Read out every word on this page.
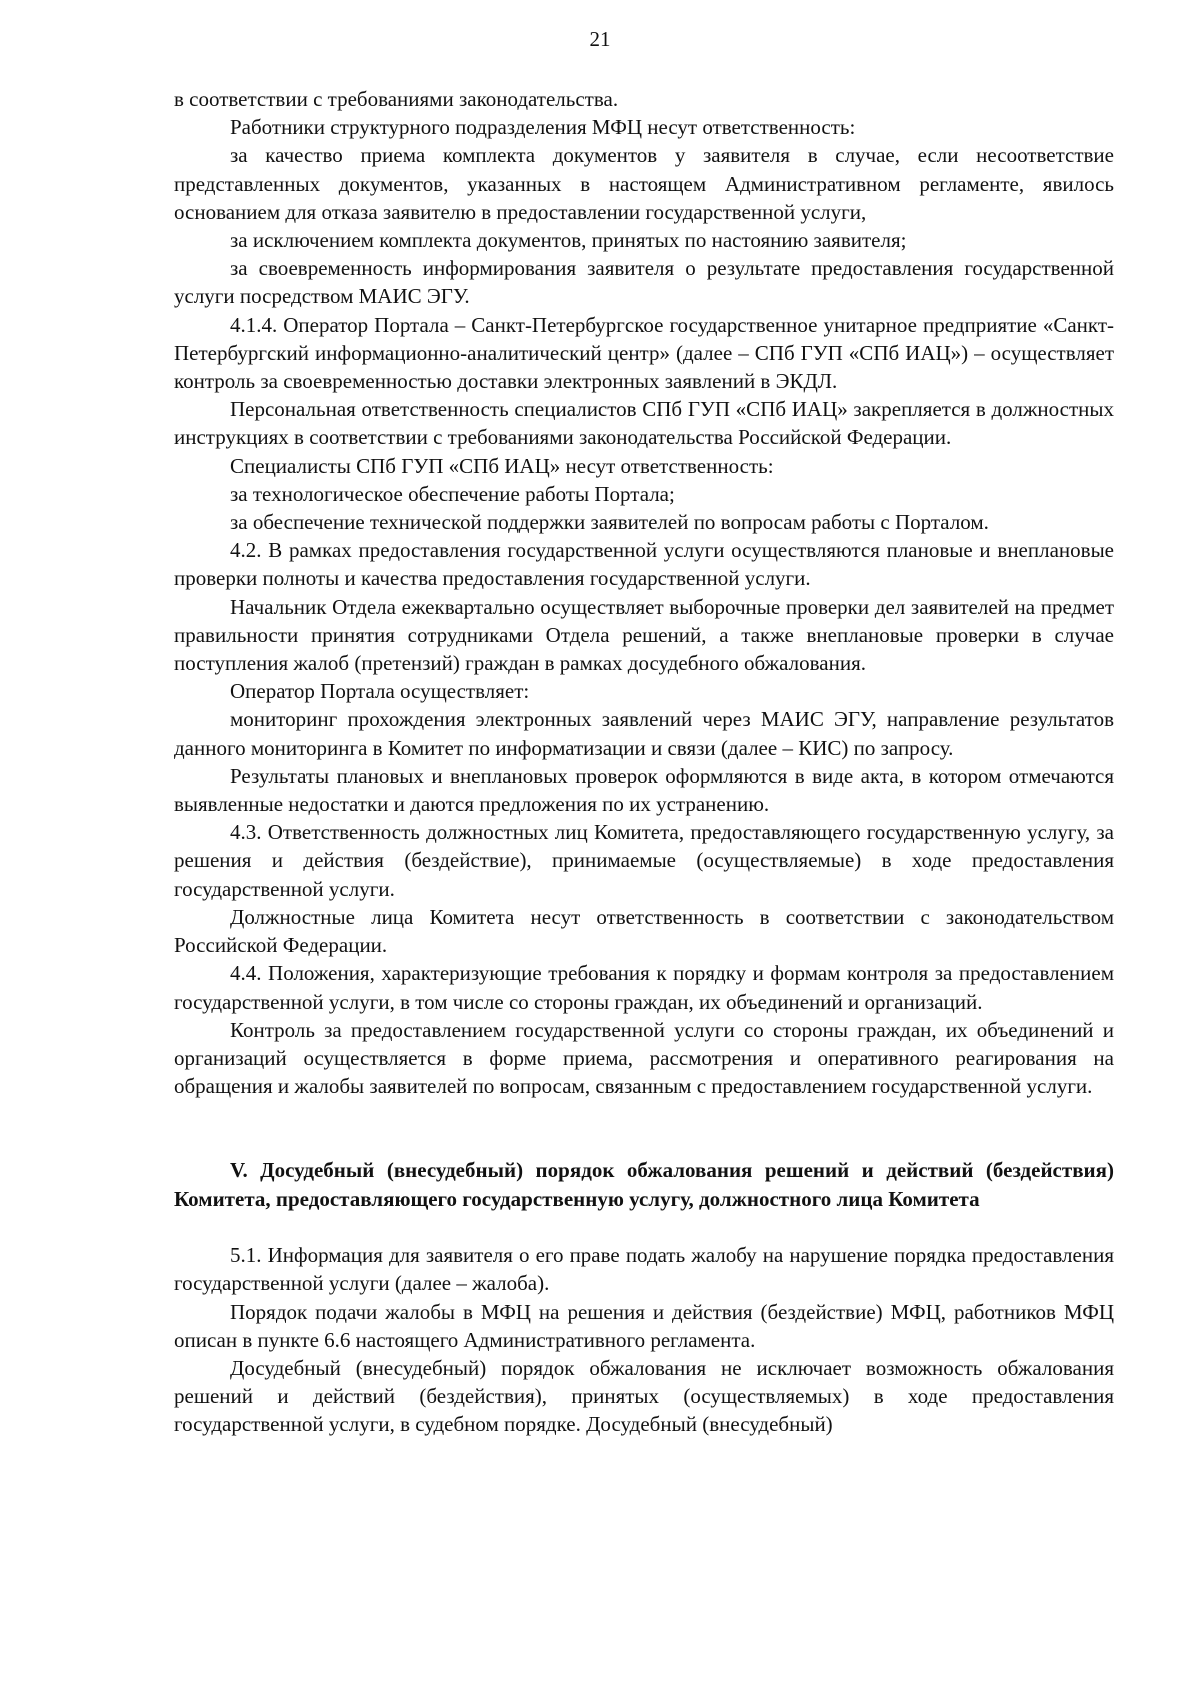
21

в соответствии с требованиями законодательства.

Работники структурного подразделения МФЦ несут ответственность:

за качество приема комплекта документов у заявителя в случае, если несоответствие представленных документов, указанных в настоящем Административном регламенте, явилось основанием для отказа заявителю в предоставлении государственной услуги,

за исключением комплекта документов, принятых по настоянию заявителя;

за своевременность информирования заявителя о результате предоставления государственной услуги посредством МАИС ЭГУ.

4.1.4. Оператор Портала – Санкт-Петербургское государственное унитарное предприятие «Санкт-Петербургский информационно-аналитический центр» (далее – СПб ГУП «СПб ИАЦ») – осуществляет контроль за своевременностью доставки электронных заявлений в ЭКДЛ.

Персональная ответственность специалистов СПб ГУП «СПб ИАЦ» закрепляется в должностных инструкциях в соответствии с требованиями законодательства Российской Федерации.

Специалисты СПб ГУП «СПб ИАЦ» несут ответственность:

за технологическое обеспечение работы Портала;

за обеспечение технической поддержки заявителей по вопросам работы с Порталом.

4.2. В рамках предоставления государственной услуги осуществляются плановые и внеплановые проверки полноты и качества предоставления государственной услуги.

Начальник Отдела ежеквартально осуществляет выборочные проверки дел заявителей на предмет правильности принятия сотрудниками Отдела решений, а также внеплановые проверки в случае поступления жалоб (претензий) граждан в рамках досудебного обжалования.

Оператор Портала осуществляет:

мониторинг прохождения электронных заявлений через МАИС ЭГУ, направление результатов данного мониторинга в Комитет по информатизации и связи (далее – КИС) по запросу.

Результаты плановых и внеплановых проверок оформляются в виде акта, в котором отмечаются выявленные недостатки и даются предложения по их устранению.

4.3. Ответственность должностных лиц Комитета, предоставляющего государственную услугу, за решения и действия (бездействие), принимаемые (осуществляемые) в ходе предоставления государственной услуги.

Должностные лица Комитета несут ответственность в соответствии с законодательством Российской Федерации.

4.4. Положения, характеризующие требования к порядку и формам контроля за предоставлением государственной услуги, в том числе со стороны граждан, их объединений и организаций.

Контроль за предоставлением государственной услуги со стороны граждан, их объединений и организаций осуществляется в форме приема, рассмотрения и оперативного реагирования на обращения и жалобы заявителей по вопросам, связанным с предоставлением государственной услуги.

V. Досудебный (внесудебный) порядок обжалования решений и действий (бездействия) Комитета, предоставляющего государственную услугу, должностного лица Комитета

5.1. Информация для заявителя о его праве подать жалобу на нарушение порядка предоставления государственной услуги (далее – жалоба).

Порядок подачи жалобы в МФЦ на решения и действия (бездействие) МФЦ, работников МФЦ описан в пункте 6.6 настоящего Административного регламента.

Досудебный (внесудебный) порядок обжалования не исключает возможность обжалования решений и действий (бездействия), принятых (осуществляемых) в ходе предоставления государственной услуги, в судебном порядке. Досудебный (внесудебный)
